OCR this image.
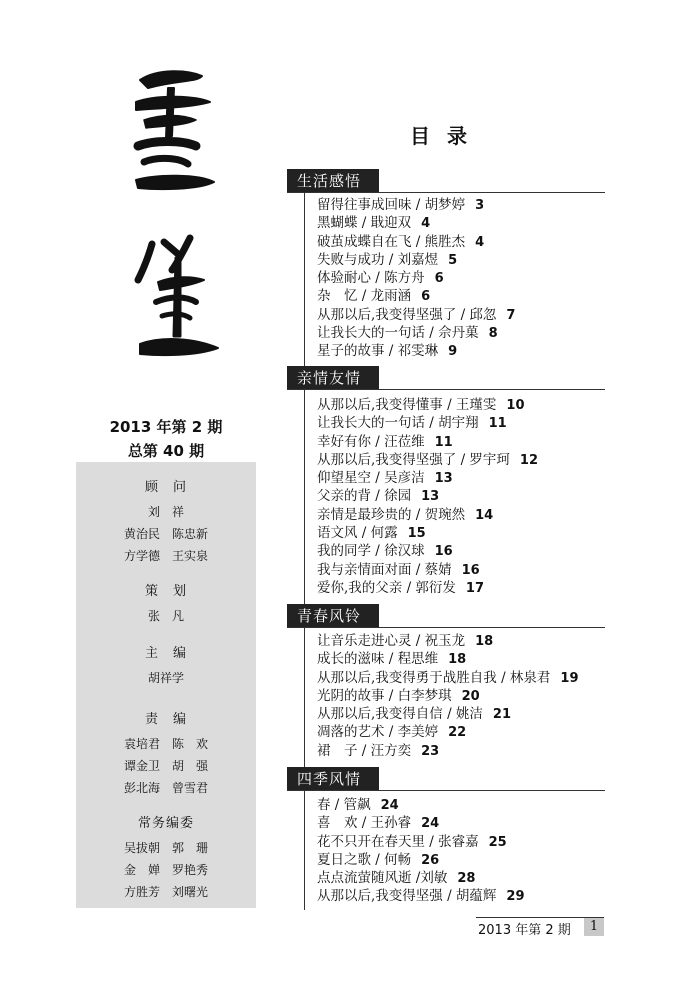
2013 年第 2 期
总第 40 期
顾　问
刘　祥
黄治民　陈忠新
方学德　王实泉
策　划
张　凡
主　编
胡祥学
责　编
袁培君　陈　欢
谭金卫　胡　强
彭北海　曾雪君
常务编委
吴拔朝　郭　珊
金　婵　罗艳秀
方胜芳　刘曙光
目 录
生活感悟
留得往事成回味 / 胡梦婷 3
黑蝴蝶 / 戢迎双 4
破茧成蝶自在飞 / 熊胜杰 4
失败与成功 / 刘嘉煜 5
体验耐心 / 陈方舟 6
杂　忆 / 龙雨涵 6
从那以后,我变得坚强了 / 邱忽 7
让我长大的一句话 / 佘丹菓 8
星子的故事 / 祁雯琳 9
亲情友情
从那以后,我变得懂事 / 王瑾雯 10
让我长大的一句话 / 胡宇翔 11
幸好有你 / 汪莅维 11
从那以后,我变得坚强了 / 罗宇珂 12
仰望星空 / 吴彦洁 13
父亲的背 / 徐园 13
亲情是最珍贵的 / 贺琬然 14
语文风 / 何露 15
我的同学 / 徐汉球 16
我与亲情面对面 / 蔡婧 16
爱你,我的父亲 / 郭衍发 17
青春风铃
让音乐走进心灵 / 祝玉龙 18
成长的滋味 / 程思维 18
从那以后,我变得勇于战胜自我 / 林泉君 19
光阴的故事 / 白李梦琪 20
从那以后,我变得自信 / 姚洁 21
凋落的艺术 / 李美婷 22
裙　子 / 汪方奕 23
四季风情
春 / 管飙 24
喜　欢 / 王孙睿 24
花不只开在春天里 / 张睿嘉 25
夏日之歌 / 何畅 26
点点流萤随风逝 /刘敏 28
从那以后,我变得坚强 / 胡蕴辉 29
2013 年第 2 期	1
